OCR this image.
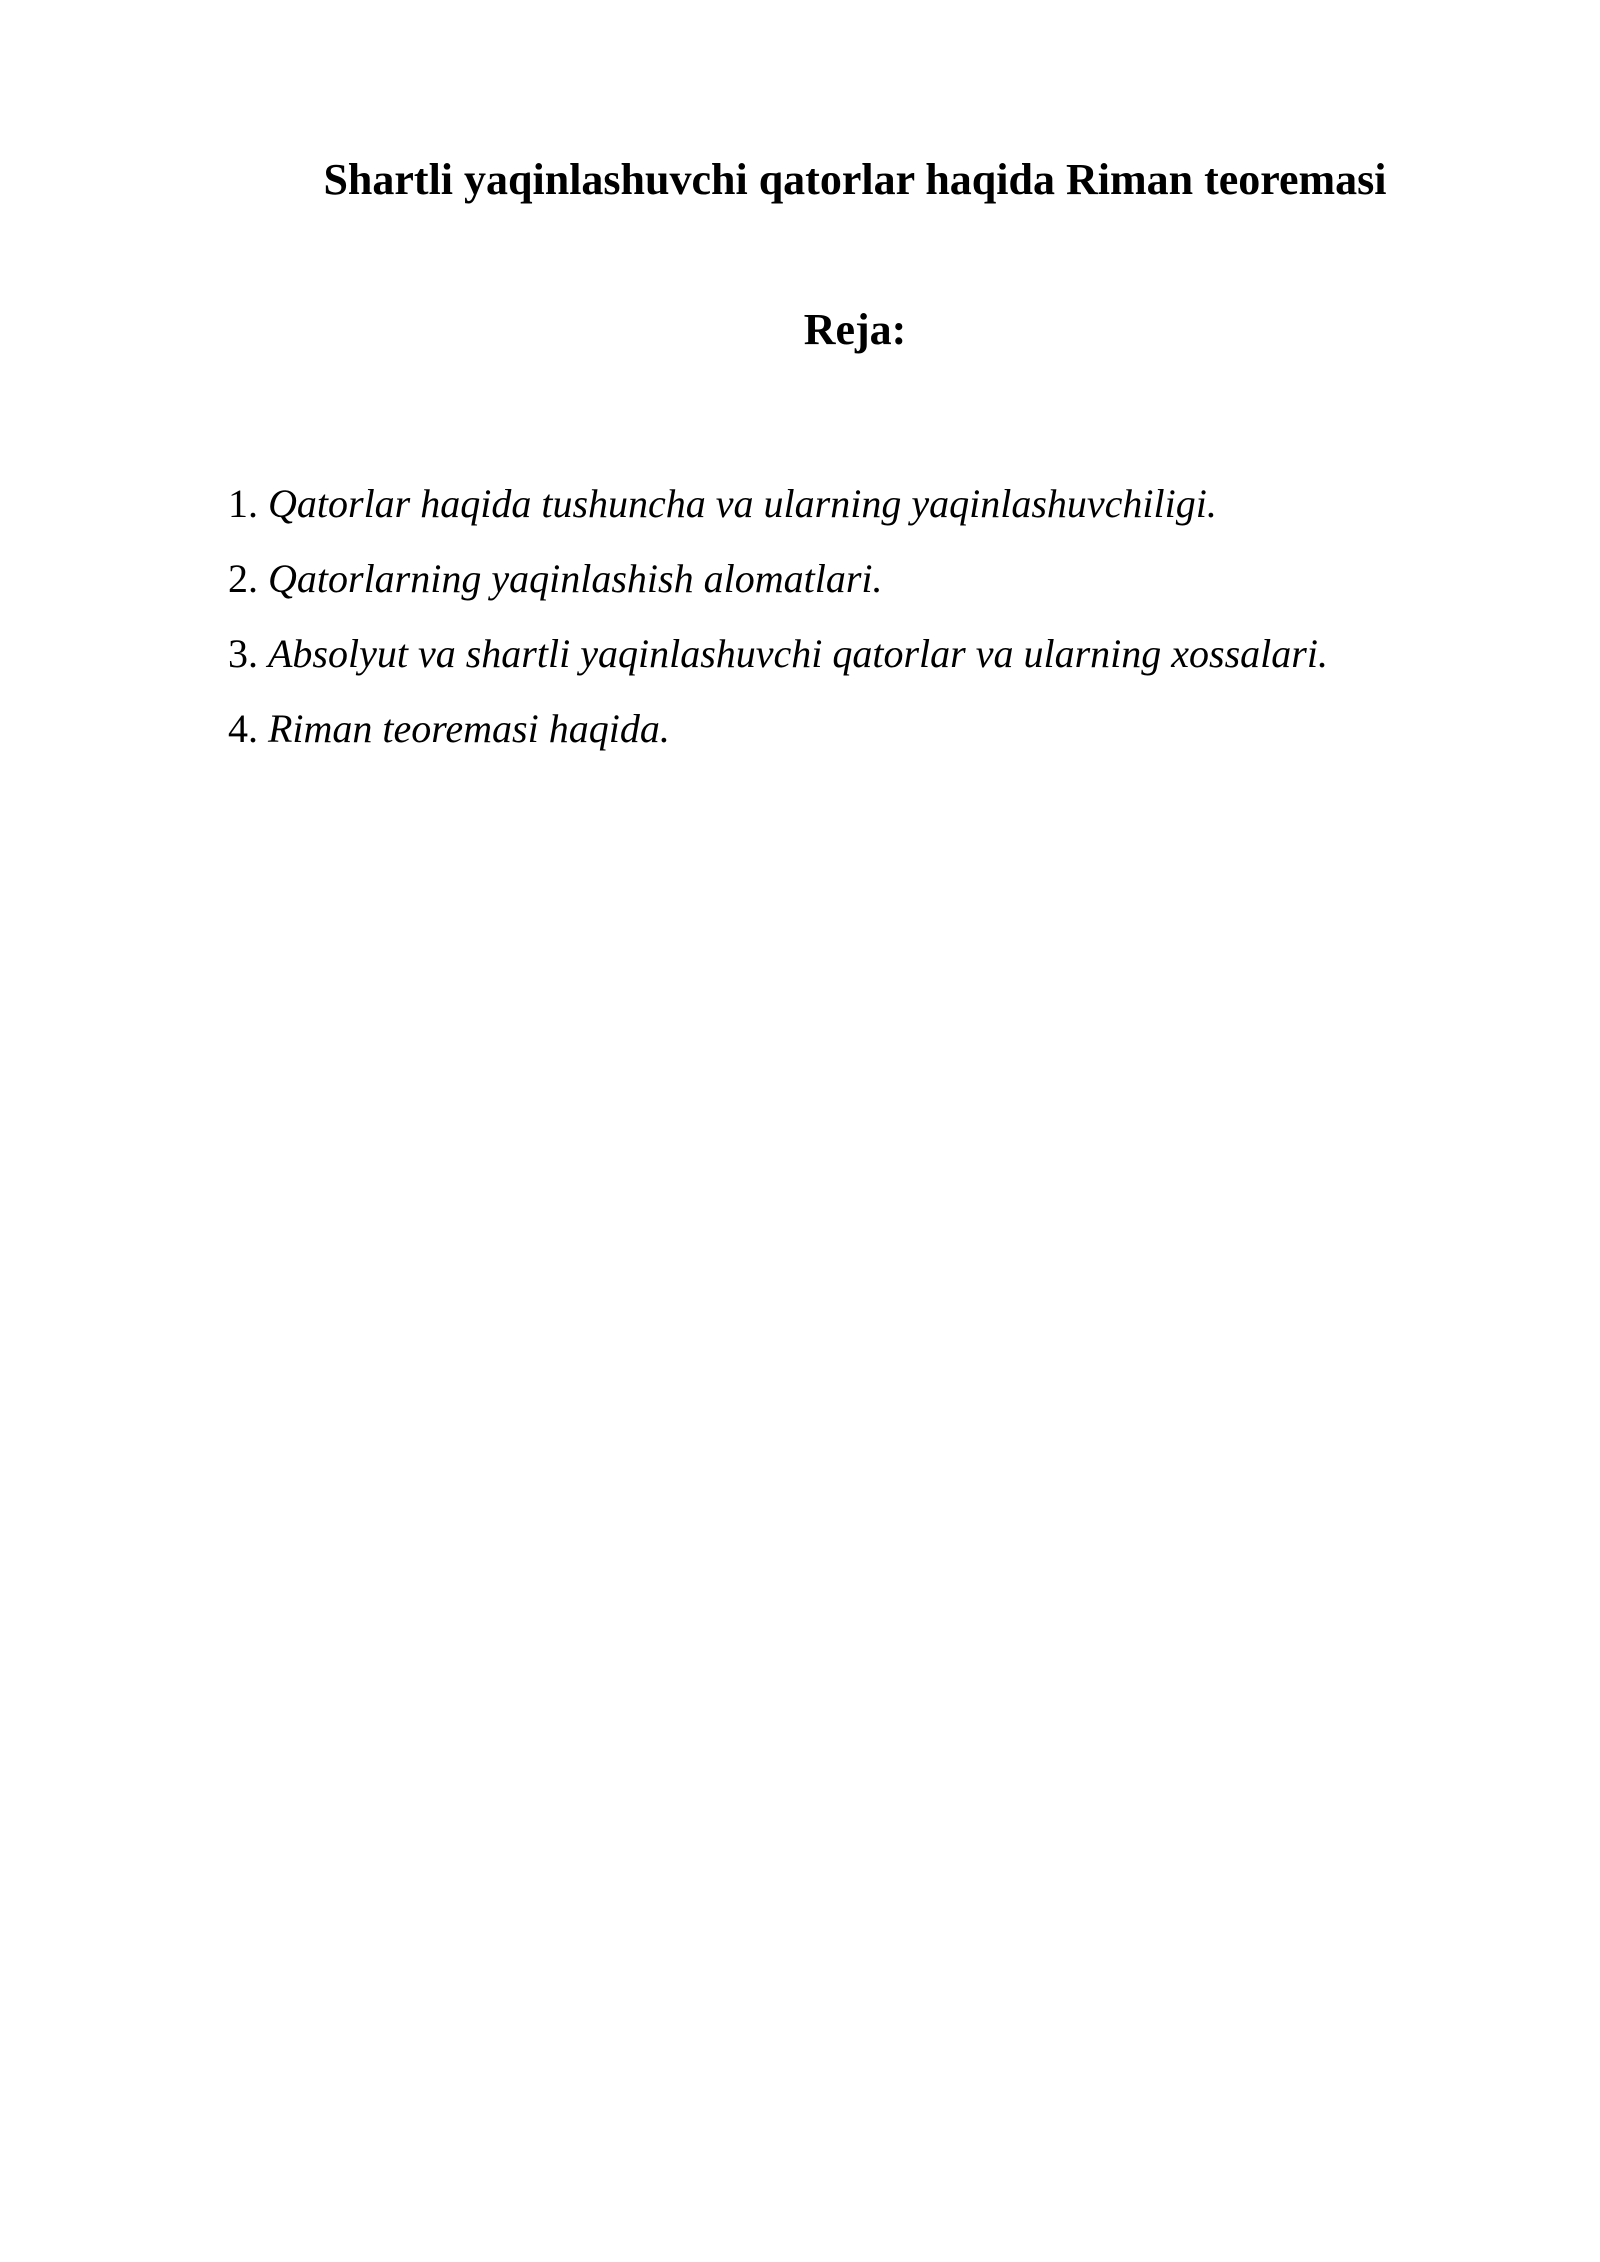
Shartli yaqinlashuvchi qatorlar haqida Riman teoremasi
Reja:
1. Qatorlar haqida tushuncha va ularning yaqinlashuvchiligi.
2. Qatorlarning yaqinlashish alomatlari.
3. Absolyut va shartli yaqinlashuvchi qatorlar va ularning xossalari.
4. Riman teoremasi haqida.
